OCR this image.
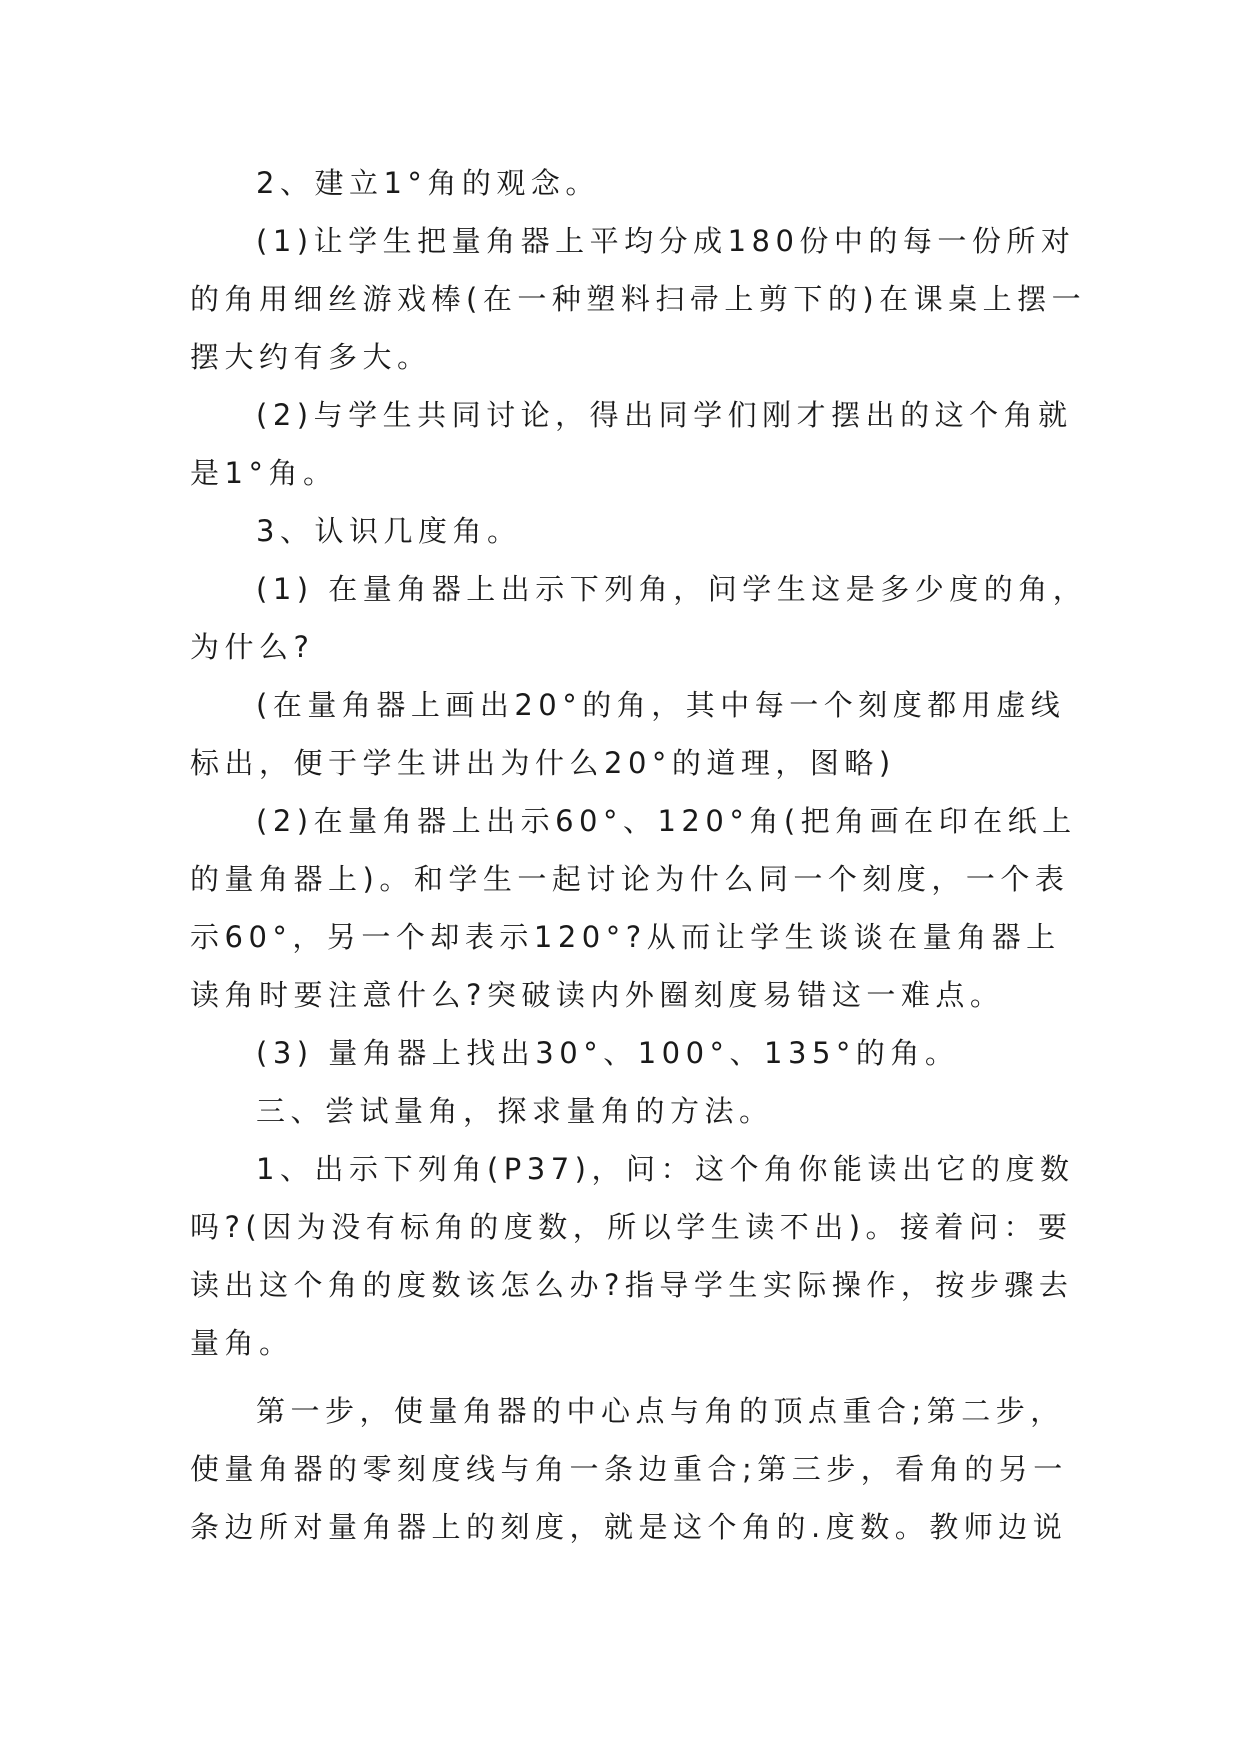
2、建立1°角的观念。
(1)让学生把量角器上平均分成180份中的每一份所对
的角用细丝游戏棒(在一种塑料扫帚上剪下的)在课桌上摆一
摆大约有多大。
(2)与学生共同讨论，得出同学们刚才摆出的这个角就
是1°角。
3、认识几度角。
(1) 在量角器上出示下列角，问学生这是多少度的角，
为什么?
(在量角器上画出20°的角，其中每一个刻度都用虚线
标出，便于学生讲出为什么20°的道理，图略)
(2)在量角器上出示60°、120°角(把角画在印在纸上
的量角器上)。和学生一起讨论为什么同一个刻度，一个表
示60°，另一个却表示120°?从而让学生谈谈在量角器上
读角时要注意什么?突破读内外圈刻度易错这一难点。
(3) 量角器上找出30°、100°、135°的角。
三、尝试量角，探求量角的方法。
1、出示下列角(P37)，问：这个角你能读出它的度数
吗?(因为没有标角的度数，所以学生读不出)。接着问：要
读出这个角的度数该怎么办?指导学生实际操作，按步骤去
量角。
第一步，使量角器的中心点与角的顶点重合;第二步，
使量角器的零刻度线与角一条边重合;第三步，看角的另一
条边所对量角器上的刻度，就是这个角的.度数。教师边说
